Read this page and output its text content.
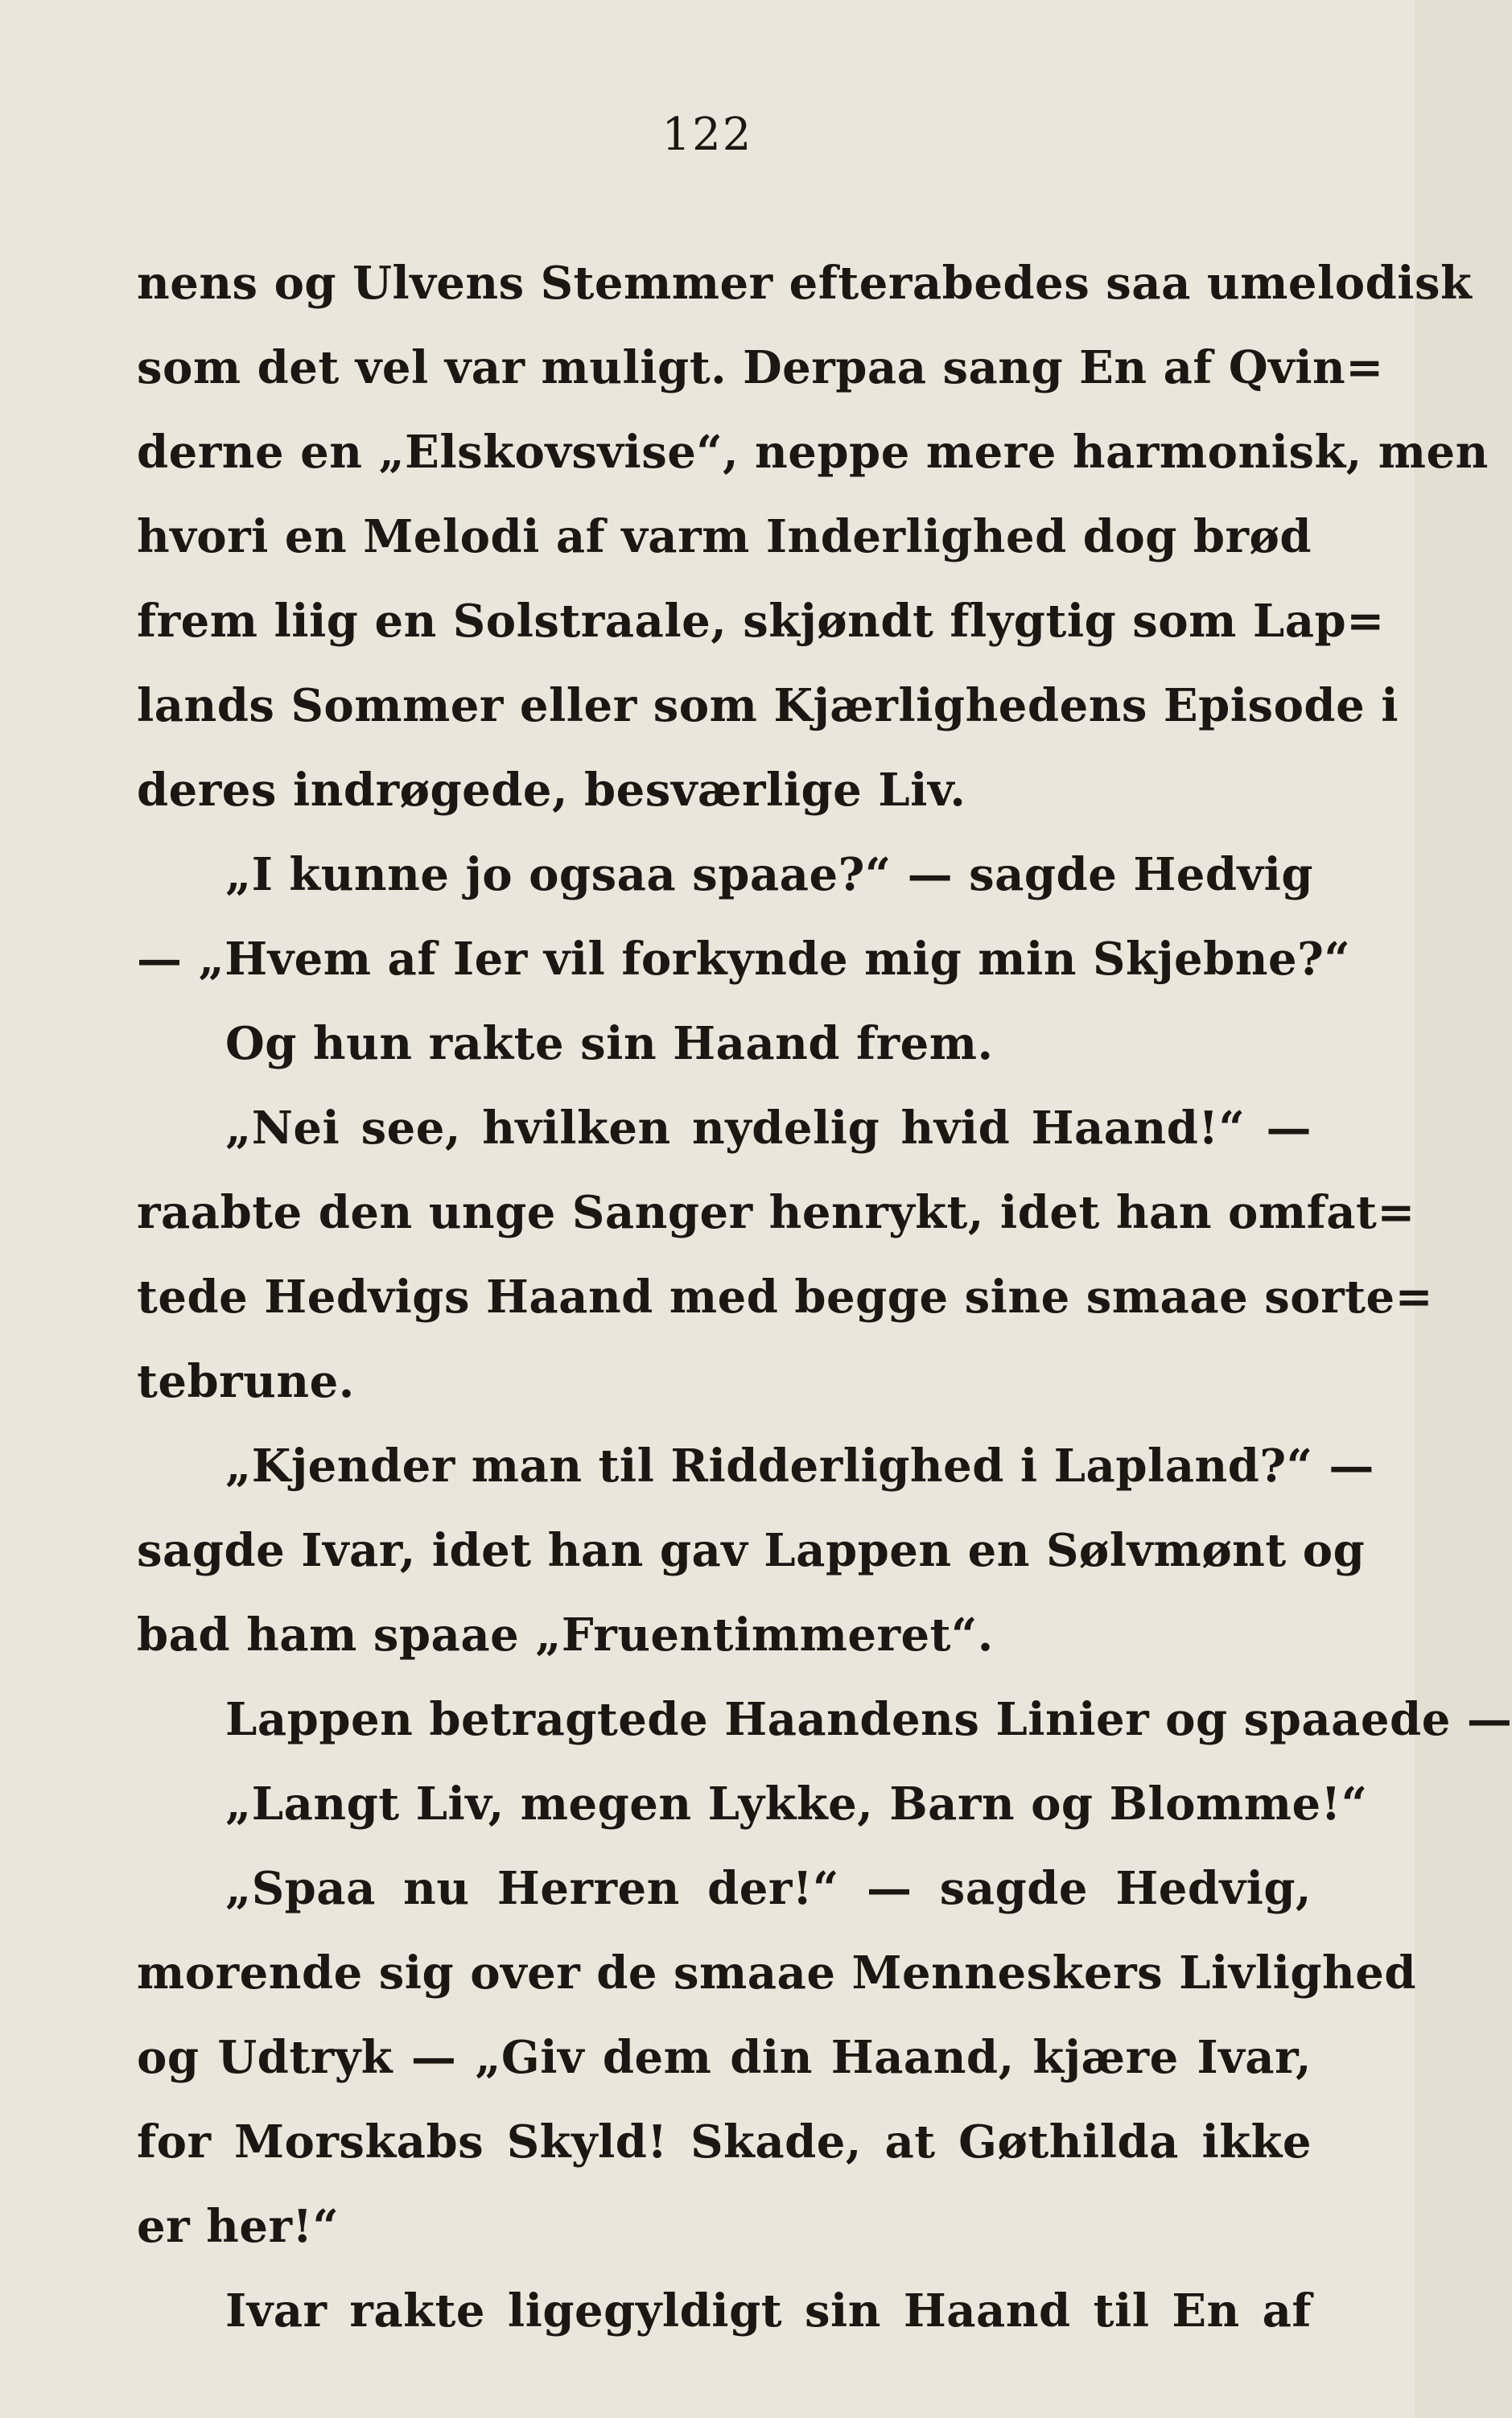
122
nens og Ulvens Stemmer efterabedes saa umelodisk
som det vel var muligt. Derpaa sang En af Qvin=
derne en „Elskovsvise“, neppe mere harmonisk, men
hvori en Melodi af varm Inderlighed dog brød
frem liig en Solstraale, skjøndt flygtig som Lap=
lands Sommer eller som Kjærlighedens Episode i
deres indrøgede, besværlige Liv.
„I kunne jo ogsaa spaae?“ — sagde Hedvig
— „Hvem af Ier vil forkynde mig min Skjebne?“
Og hun rakte sin Haand frem.
„Nei see, hvilken nydelig hvid Haand!“ —
raabte den unge Sanger henrykt, idet han omfat=
tede Hedvigs Haand med begge sine smaae sorte=
tebrune.
„Kjender man til Ridderlighed i Lapland?“ —
sagde Ivar, idet han gav Lappen en Sølvmønt og
bad ham spaae „Fruentimmeret“.
Lappen betragtede Haandens Linier og spaaede —
„Langt Liv, megen Lykke, Barn og Blomme!“
„Spaa nu Herren der!“ — sagde Hedvig,
morende sig over de smaae Menneskers Livlighed
og Udtryk — „Giv dem din Haand, kjære Ivar,
for Morskabs Skyld! Skade, at Gøthilda ikke
er her!“
Ivar rakte ligegyldigt sin Haand til En af
